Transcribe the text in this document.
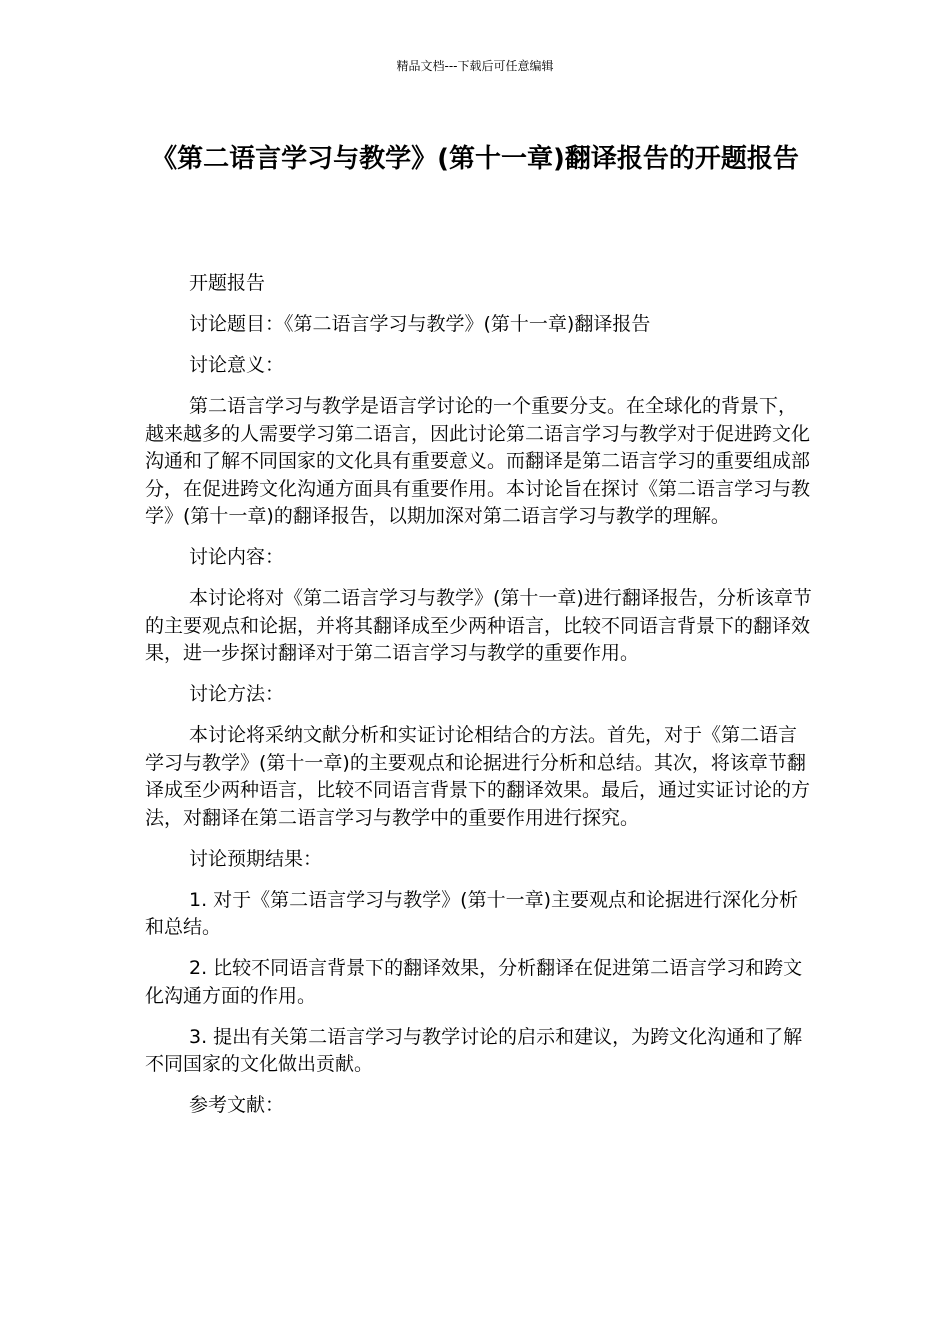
精品文档---下载后可任意编辑
《第二语言学习与教学》(第十一章)翻译报告的开题报告

开题报告

讨论题目：《第二语言学习与教学》(第十一章)翻译报告

讨论意义：

第二语言学习与教学是语言学讨论的一个重要分支。在全球化的背景下，越来越多的人需要学习第二语言，因此讨论第二语言学习与教学对于促进跨文化沟通和了解不同国家的文化具有重要意义。而翻译是第二语言学习的重要组成部分，在促进跨文化沟通方面具有重要作用。本讨论旨在探讨《第二语言学习与教学》(第十一章)的翻译报告，以期加深对第二语言学习与教学的理解。

讨论内容：

本讨论将对《第二语言学习与教学》(第十一章)进行翻译报告，分析该章节的主要观点和论据，并将其翻译成至少两种语言，比较不同语言背景下的翻译效果，进一步探讨翻译对于第二语言学习与教学的重要作用。

讨论方法：

本讨论将采纳文献分析和实证讨论相结合的方法。首先，对于《第二语言学习与教学》(第十一章)的主要观点和论据进行分析和总结。其次，将该章节翻译成至少两种语言，比较不同语言背景下的翻译效果。最后，通过实证讨论的方法，对翻译在第二语言学习与教学中的重要作用进行探究。

讨论预期结果：

1. 对于《第二语言学习与教学》(第十一章)主要观点和论据进行深化分析和总结。

2. 比较不同语言背景下的翻译效果，分析翻译在促进第二语言学习和跨文化沟通方面的作用。

3. 提出有关第二语言学习与教学讨论的启示和建议，为跨文化沟通和了解不同国家的文化做出贡献。

参考文献：
